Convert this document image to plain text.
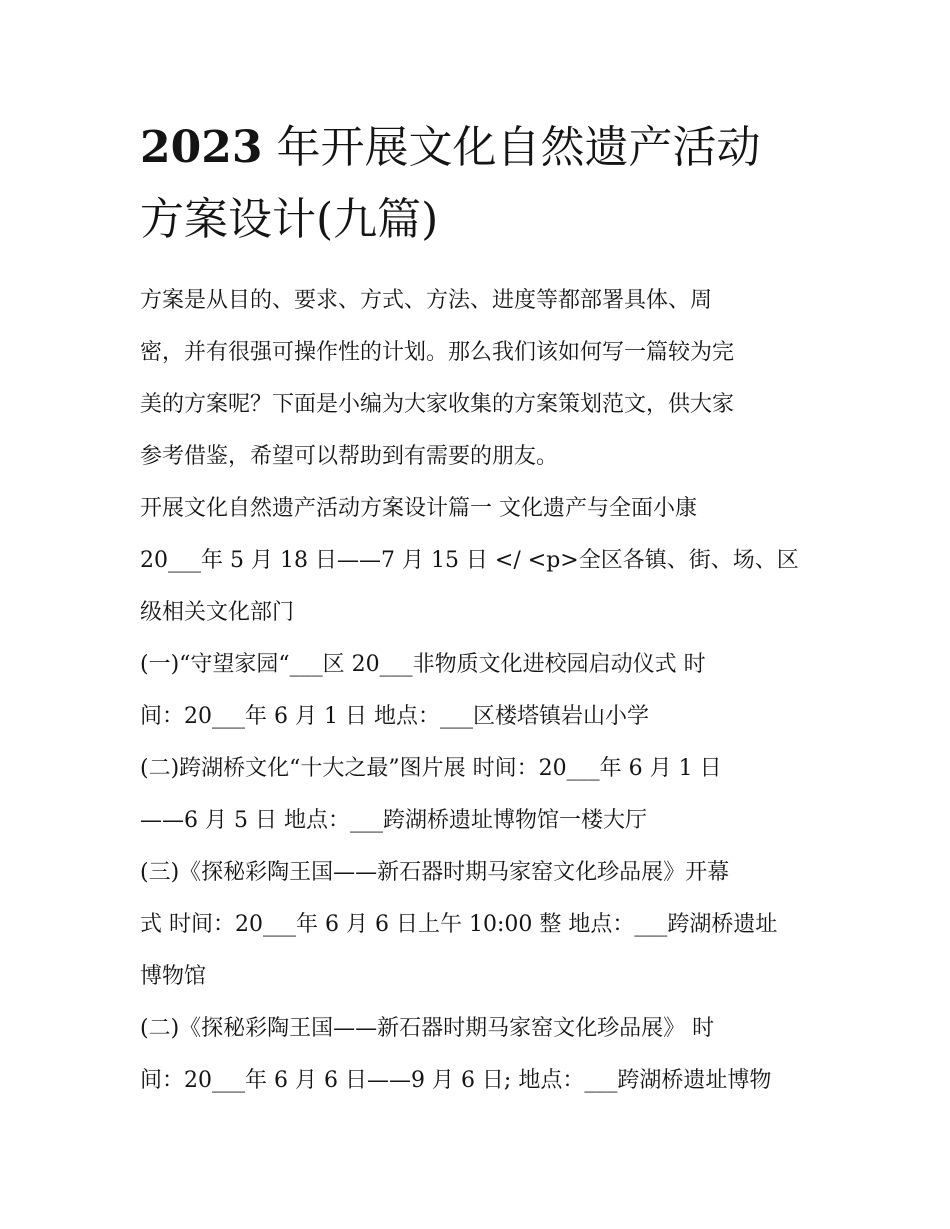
2023 年开展文化自然遗产活动
方案设计(九篇)
方案是从目的、要求、方式、方法、进度等都部署具体、周
密，并有很强可操作性的计划。那么我们该如何写一篇较为完
美的方案呢？下面是小编为大家收集的方案策划范文，供大家
参考借鉴，希望可以帮助到有需要的朋友。
开展文化自然遗产活动方案设计篇一 文化遗产与全面小康
20___年 5 月 18 日——7 月 15 日 </ <p>全区各镇、街、场、区
级相关文化部门
(一)“守望家园“___区 20___非物质文化进校园启动仪式 时
间：20___年 6 月 1 日 地点：___区楼塔镇岩山小学
(二)跨湖桥文化“十大之最”图片展 时间：20___年 6 月 1 日
——6 月 5 日 地点：___跨湖桥遗址博物馆一楼大厅
(三)《探秘彩陶王国——新石器时期马家窑文化珍品展》开幕
式 时间：20___年 6 月 6 日上午 10:00 整 地点：___跨湖桥遗址
博物馆
(二)《探秘彩陶王国——新石器时期马家窑文化珍品展》 时
间：20___年 6 月 6 日——9 月 6 日; 地点：___跨湖桥遗址博物
